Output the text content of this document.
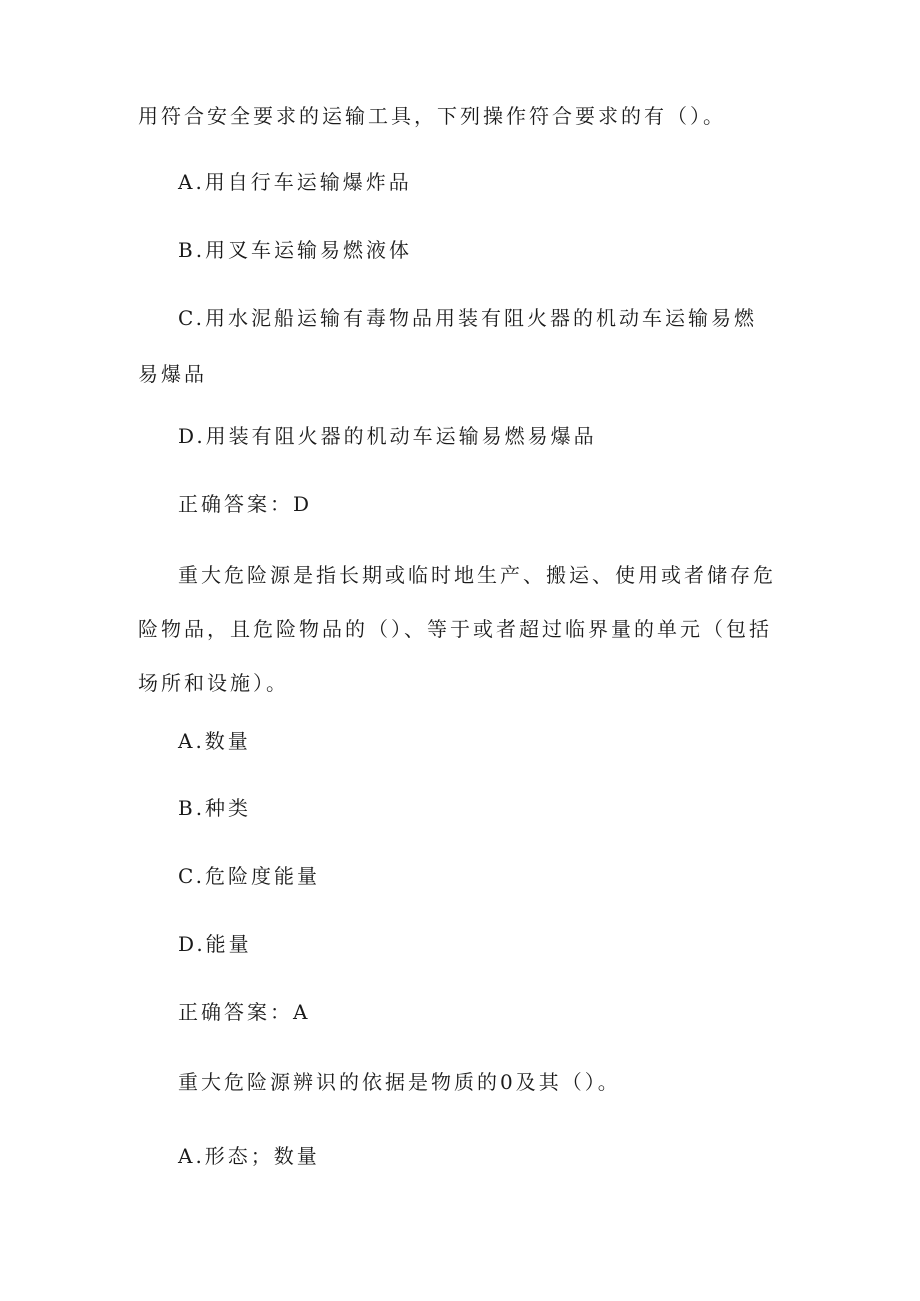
用符合安全要求的运输工具，下列操作符合要求的有（）。
A.用自行车运输爆炸品
B.用叉车运输易燃液体

C.用水泥船运输有毒物品用装有阻火器的机动车运输易燃易爆品

D.用装有阻火器的机动车运输易燃易爆品
正确答案：D

重大危险源是指长期或临时地生产、搬运、使用或者储存危险物品，且危险物品的（）、等于或者超过临界量的单元（包括场所和设施）。

A.数量
B.种类
C.危险度能量
D.能量
正确答案：A
重大危险源辨识的依据是物质的0及其（）。
A.形态；数量
